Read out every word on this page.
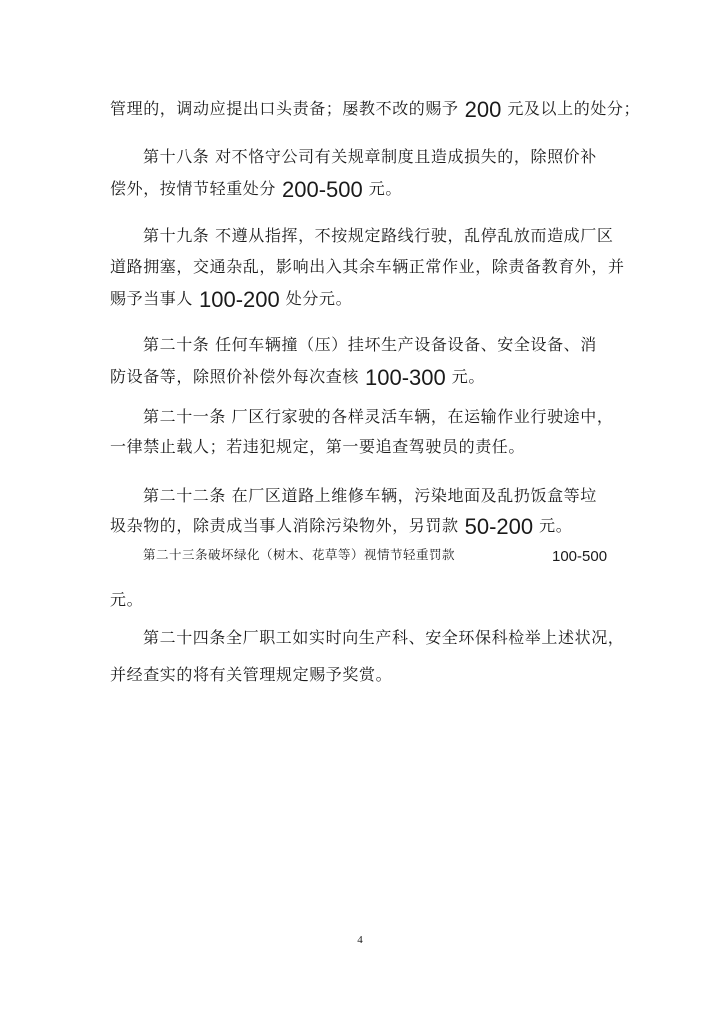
管理的，调动应提出口头责备；屡教不改的赐予 200 元及以上的处分；
第十八条 对不恪守公司有关规章制度且造成损失的，除照价补
偿外，按情节轻重处分 200-500 元。
第十九条 不遵从指挥，不按规定路线行驶，乱停乱放而造成厂区
道路拥塞，交通杂乱，影响出入其余车辆正常作业，除责备教育外，并
赐予当事人 100-200 处分元。
第二十条 任何车辆撞（压）挂坏生产设备设备、安全设备、消
防设备等，除照价补偿外每次查核 100-300 元。
第二十一条 厂区行家驶的各样灵活车辆，在运输作业行驶途中，
一律禁止载人；若违犯规定，第一要追查驾驶员的责任。
第二十二条 在厂区道路上维修车辆，污染地面及乱扔饭盒等垃
圾杂物的，除责成当事人消除污染物外，另罚款 50-200 元。
第二十三条破坏绿化（树木、花草等）视情节轻重罚款	100-500
元。
第二十四条全厂职工如实时向生产科、安全环保科检举上述状况，
并经查实的将有关管理规定赐予奖赏。
4
